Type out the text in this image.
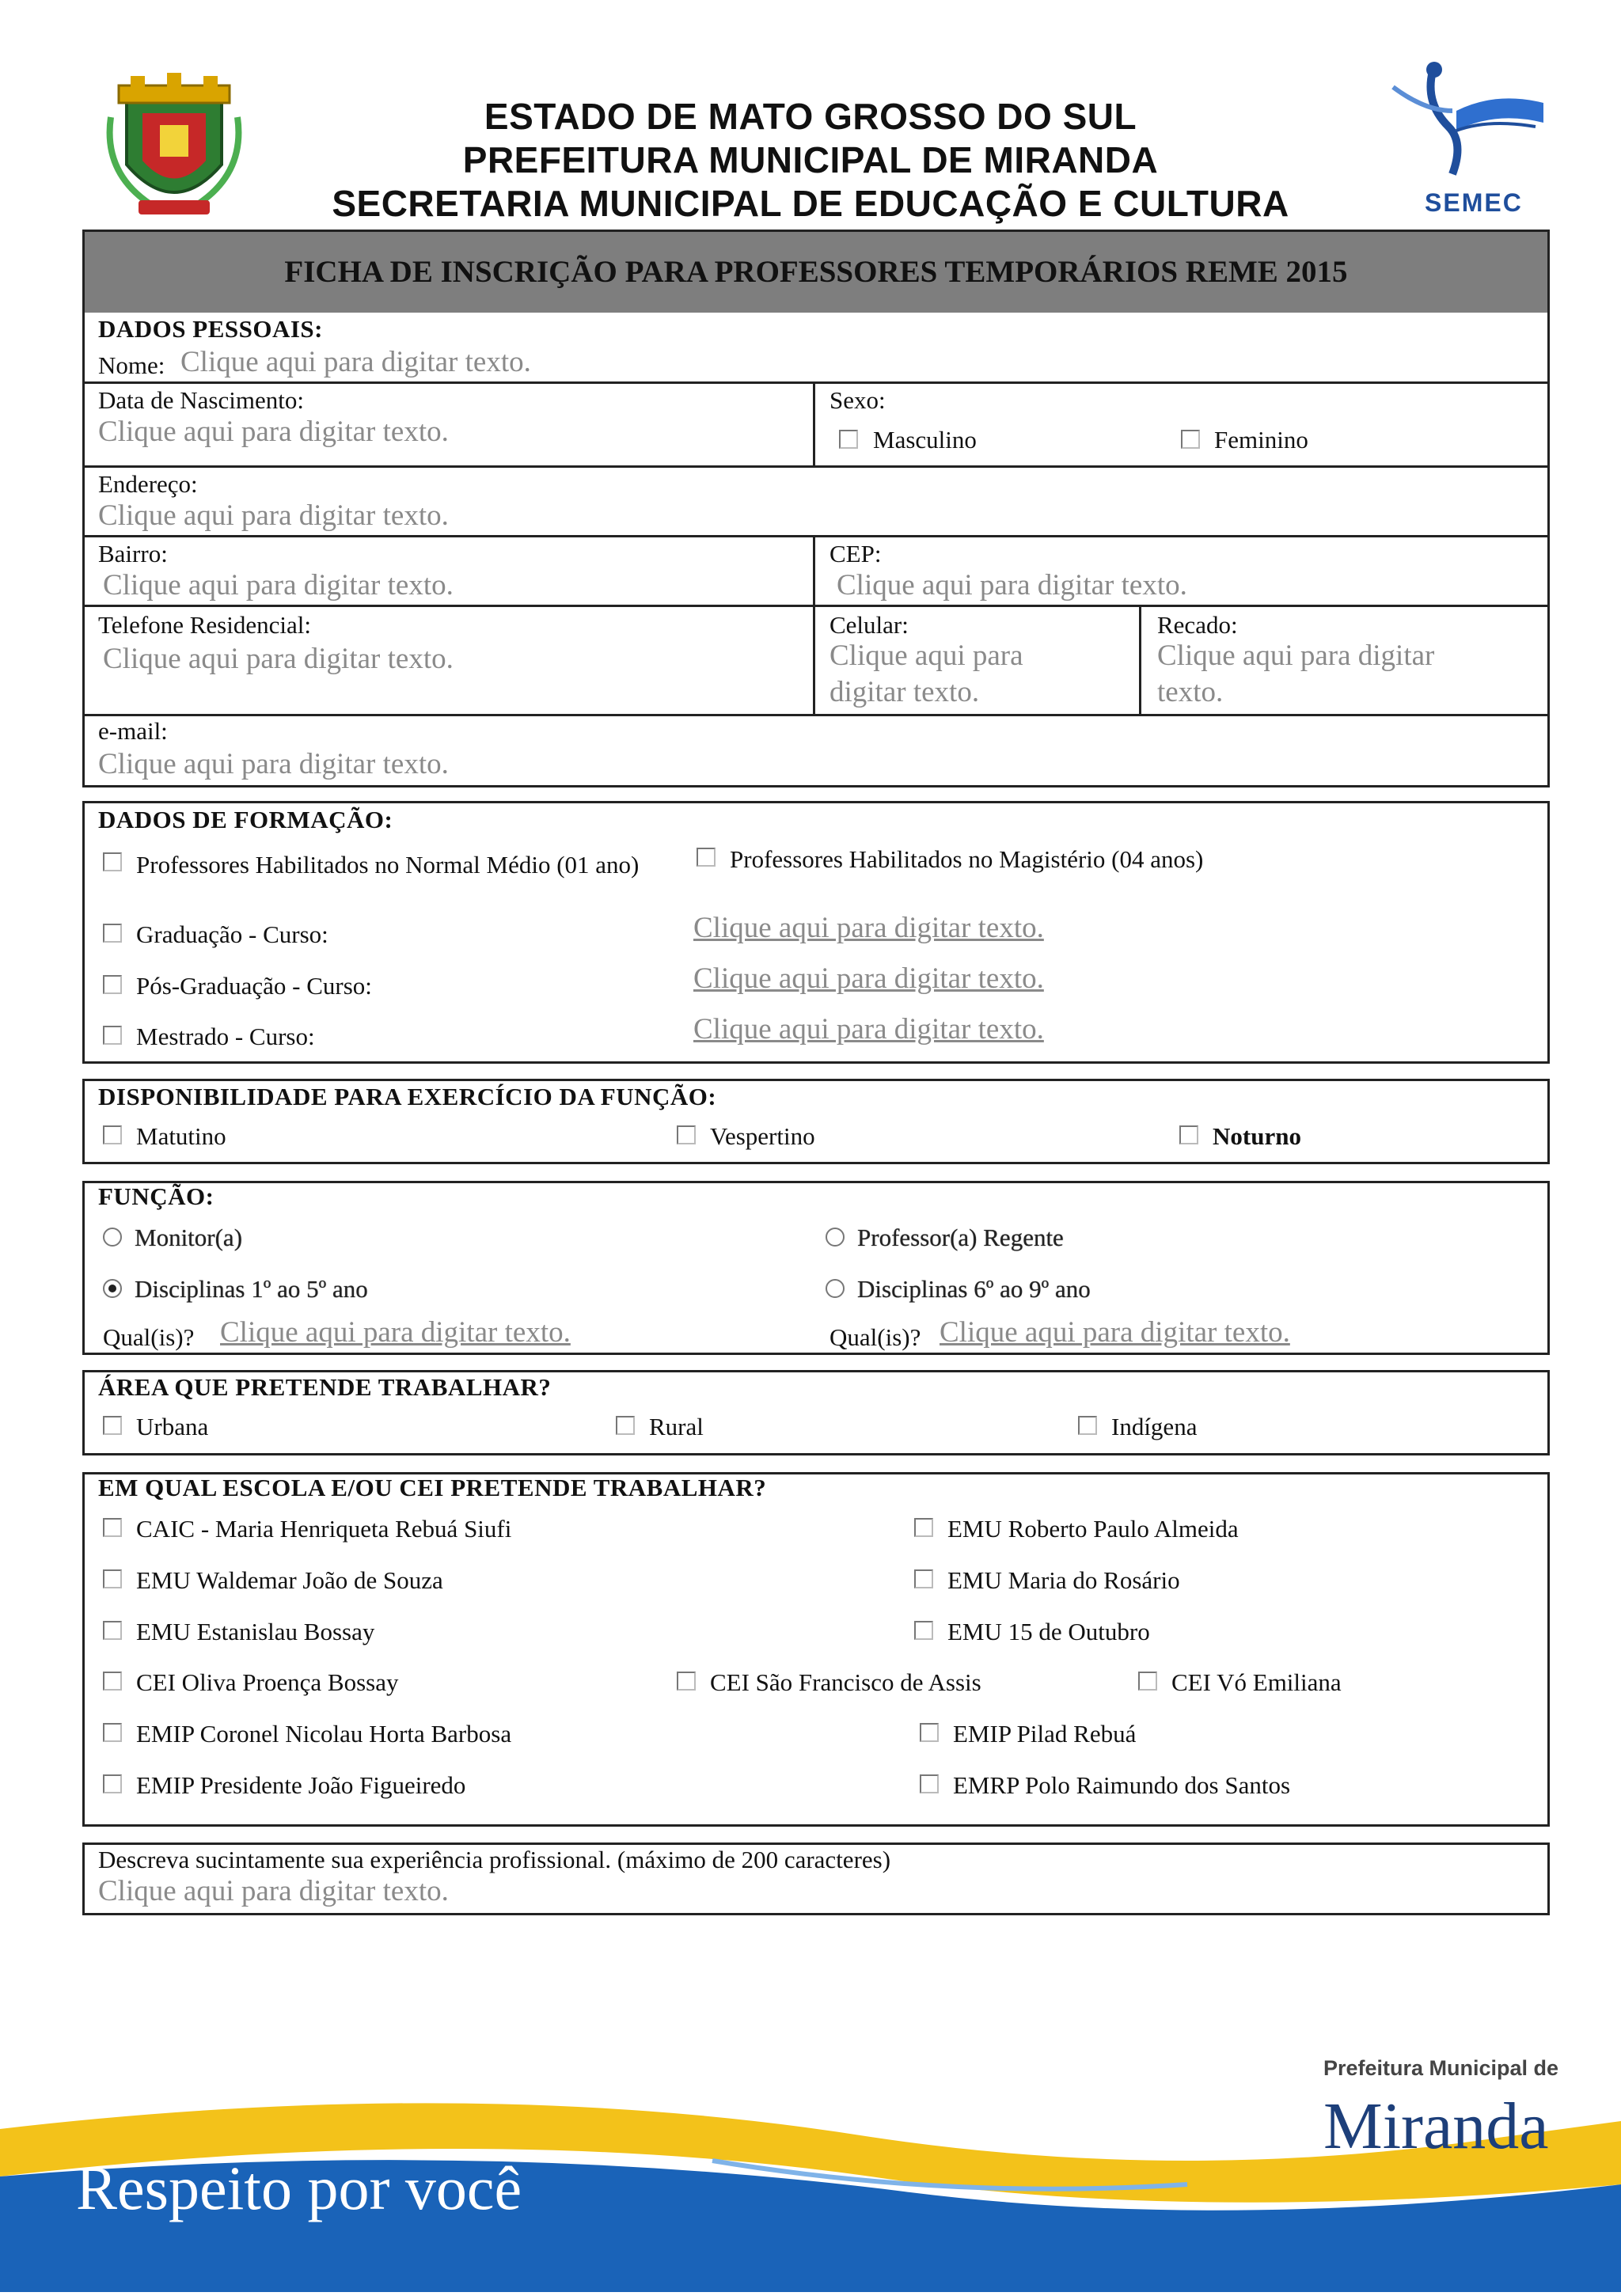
ESTADO DE MATO GROSSO DO SUL
PREFEITURA MUNICIPAL DE MIRANDA
SECRETARIA MUNICIPAL DE EDUCAÇÃO E CULTURA	SEMEC
FICHA DE INSCRIÇÃO PARA PROFESSORES TEMPORÁRIOS REME 2015
DADOS PESSOAIS:
Nome: Clique aqui para digitar texto.
Data de Nascimento:
Clique aqui para digitar texto.
Sexo:
Masculino	Feminino
Endereço:
Clique aqui para digitar texto.
Bairro:
Clique aqui para digitar texto.
CEP:
Clique aqui para digitar texto.
Telefone Residencial:
Clique aqui para digitar texto.
Celular:
Clique aqui para
digitar texto.
Recado:
Clique aqui para digitar
texto.
e-mail:
Clique aqui para digitar texto.
DADOS DE FORMAÇÃO:
Professores Habilitados no Normal Médio (01 ano)	Professores Habilitados no Magistério (04 anos)
Graduação - Curso:	Clique aqui para digitar texto.
Pós-Graduação - Curso:	Clique aqui para digitar texto.
Mestrado - Curso:	Clique aqui para digitar texto.
DISPONIBILIDADE PARA EXERCÍCIO DA FUNÇÃO:
Matutino	Vespertino	Noturno
FUNÇÃO:
Monitor(a)	Professor(a) Regente
Disciplinas 1º ao 5º ano	Disciplinas 6º ao 9º ano
Qual(is)? Clique aqui para digitar texto.	Qual(is)? Clique aqui para digitar texto.
ÁREA QUE PRETENDE TRABALHAR?
Urbana	Rural	Indígena
EM QUAL ESCOLA E/OU CEI PRETENDE TRABALHAR?
CAIC - Maria Henriqueta Rebuá Siufi	EMU Roberto Paulo Almeida
EMU Waldemar João de Souza	EMU Maria do Rosário
EMU Estanislau Bossay	EMU 15 de Outubro
CEI Oliva Proença Bossay	CEI São Francisco de Assis	CEI Vó Emiliana
EMIP Coronel Nicolau Horta Barbosa	EMIP Pilad Rebuá
EMIP Presidente João Figueiredo	EMRP Polo Raimundo dos Santos
Descreva sucintamente sua experiência profissional. (máximo de 200 caracteres)
Clique aqui para digitar texto.
Respeito por você
Prefeitura Municipal de
Miranda
